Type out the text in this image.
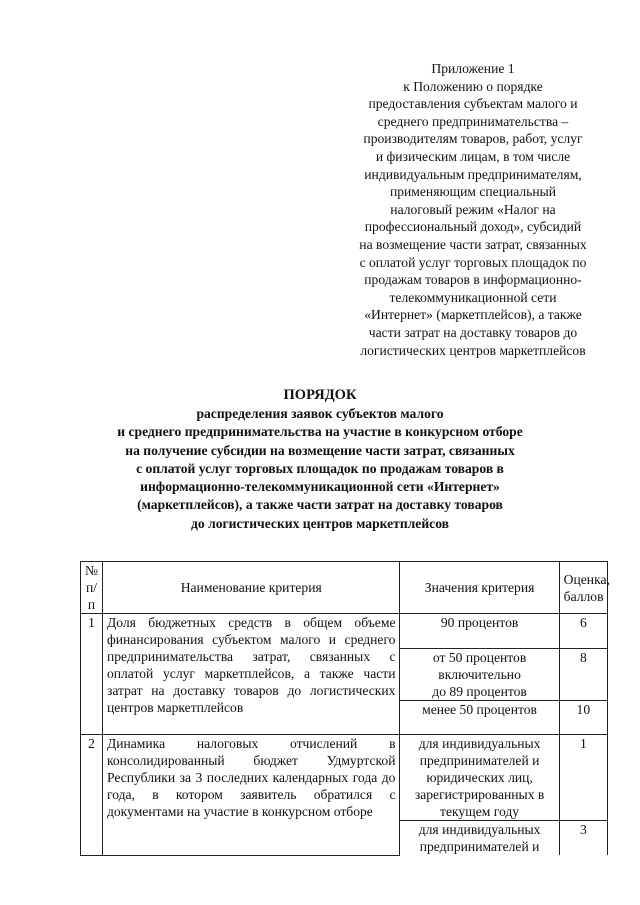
Приложение 1
к Положению о порядке
предоставления субъектам малого и
среднего предпринимательства –
производителям товаров, работ, услуг
и физическим лицам, в том числе
индивидуальным предпринимателям,
применяющим специальный
налоговый режим «Налог на
профессиональный доход», субсидий
на возмещение части затрат, связанных
с оплатой услуг торговых площадок по
продажам товаров в информационно-
телекоммуникационной сети
«Интернет» (маркетплейсов), а также
части затрат на доставку товаров до
логистических центров маркетплейсов
ПОРЯДОК
распределения заявок субъектов малого
и среднего предпринимательства на участие в конкурсном отборе
на получение субсидии на возмещение части затрат, связанных
с оплатой услуг торговых площадок по продажам товаров в
информационно-телекоммуникационной сети «Интернет»
(маркетплейсов), а также части затрат на доставку товаров
до логистических центров маркетплейсов
№
п/п	Наименование критерия	Значения критерия	Оценка,
баллов

1	Доля бюджетных средств в общем объеме финансирования субъектом малого и среднего предпринимательства затрат, связанных с оплатой услуг маркетплейсов, а также части затрат на доставку товаров до логистических центров маркетплейсов	90 процентов	6

		от 50 процентов
включительно
до 89 процентов	8

		менее 50 процентов	10
2	Динамика налоговых отчислений в консолидированный бюджет Удмуртской Республики за 3 последних календарных года до года, в котором заявитель обратился с документами на участие в конкурсном отборе	для индивидуальных
предпринимателей и
юридических лиц,
зарегистрированных в
текущем году	1

		для индивидуальных
предпринимателей и	3
